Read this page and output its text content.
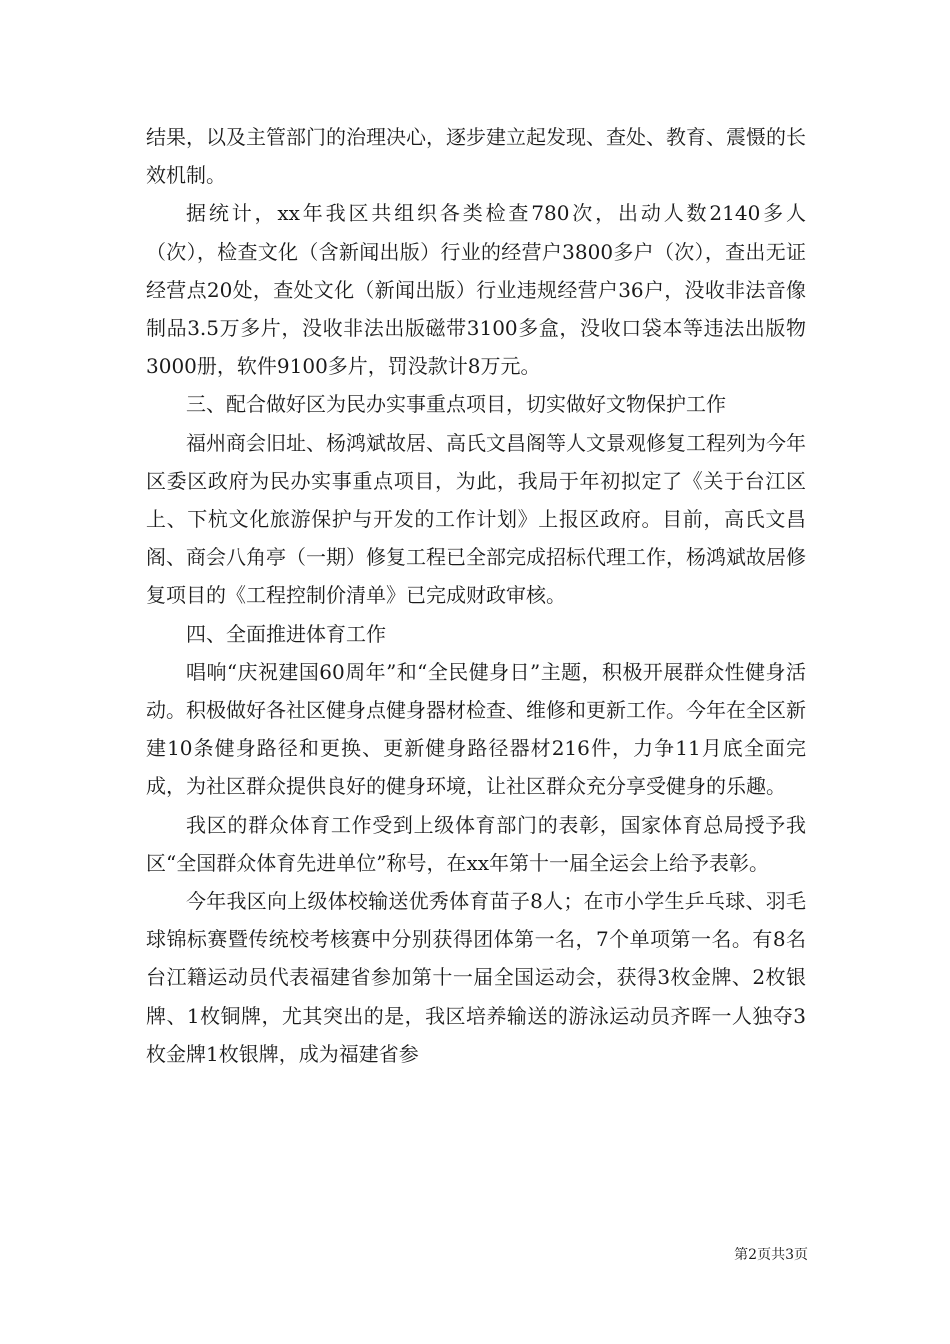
结果，以及主管部门的治理决心，逐步建立起发现、查处、教育、震慑的长效机制。

据统计，xx年我区共组织各类检查780次，出动人数2140多人（次），检查文化（含新闻出版）行业的经营户3800多户（次），查出无证经营点20处，查处文化（新闻出版）行业违规经营户36户，没收非法音像制品3.5万多片，没收非法出版磁带3100多盒，没收口袋本等违法出版物3000册，软件9100多片，罚没款计8万元。

三、配合做好区为民办实事重点项目，切实做好文物保护工作

福州商会旧址、杨鸿斌故居、高氏文昌阁等人文景观修复工程列为今年区委区政府为民办实事重点项目，为此，我局于年初拟定了《关于台江区上、下杭文化旅游保护与开发的工作计划》上报区政府。目前，高氏文昌阁、商会八角亭（一期）修复工程已全部完成招标代理工作，杨鸿斌故居修复项目的《工程控制价清单》已完成财政审核。

四、全面推进体育工作

唱响“庆祝建国60周年”和“全民健身日”主题，积极开展群众性健身活动。积极做好各社区健身点健身器材检查、维修和更新工作。今年在全区新建10条健身路径和更换、更新健身路径器材216件，力争11月底全面完成，为社区群众提供良好的健身环境，让社区群众充分享受健身的乐趣。

我区的群众体育工作受到上级体育部门的表彰，国家体育总局授予我区“全国群众体育先进单位”称号，在xx年第十一届全运会上给予表彰。

今年我区向上级体校输送优秀体育苗子8人；在市小学生乒乓球、羽毛球锦标赛暨传统校考核赛中分别获得团体第一名，7个单项第一名。有8名台江籍运动员代表福建省参加第十一届全国运动会，获得3枚金牌、2枚银牌、1枚铜牌，尤其突出的是，我区培养输送的游泳运动员齐晖一人独夺3枚金牌1枚银牌，成为福建省参

第2页共3页
